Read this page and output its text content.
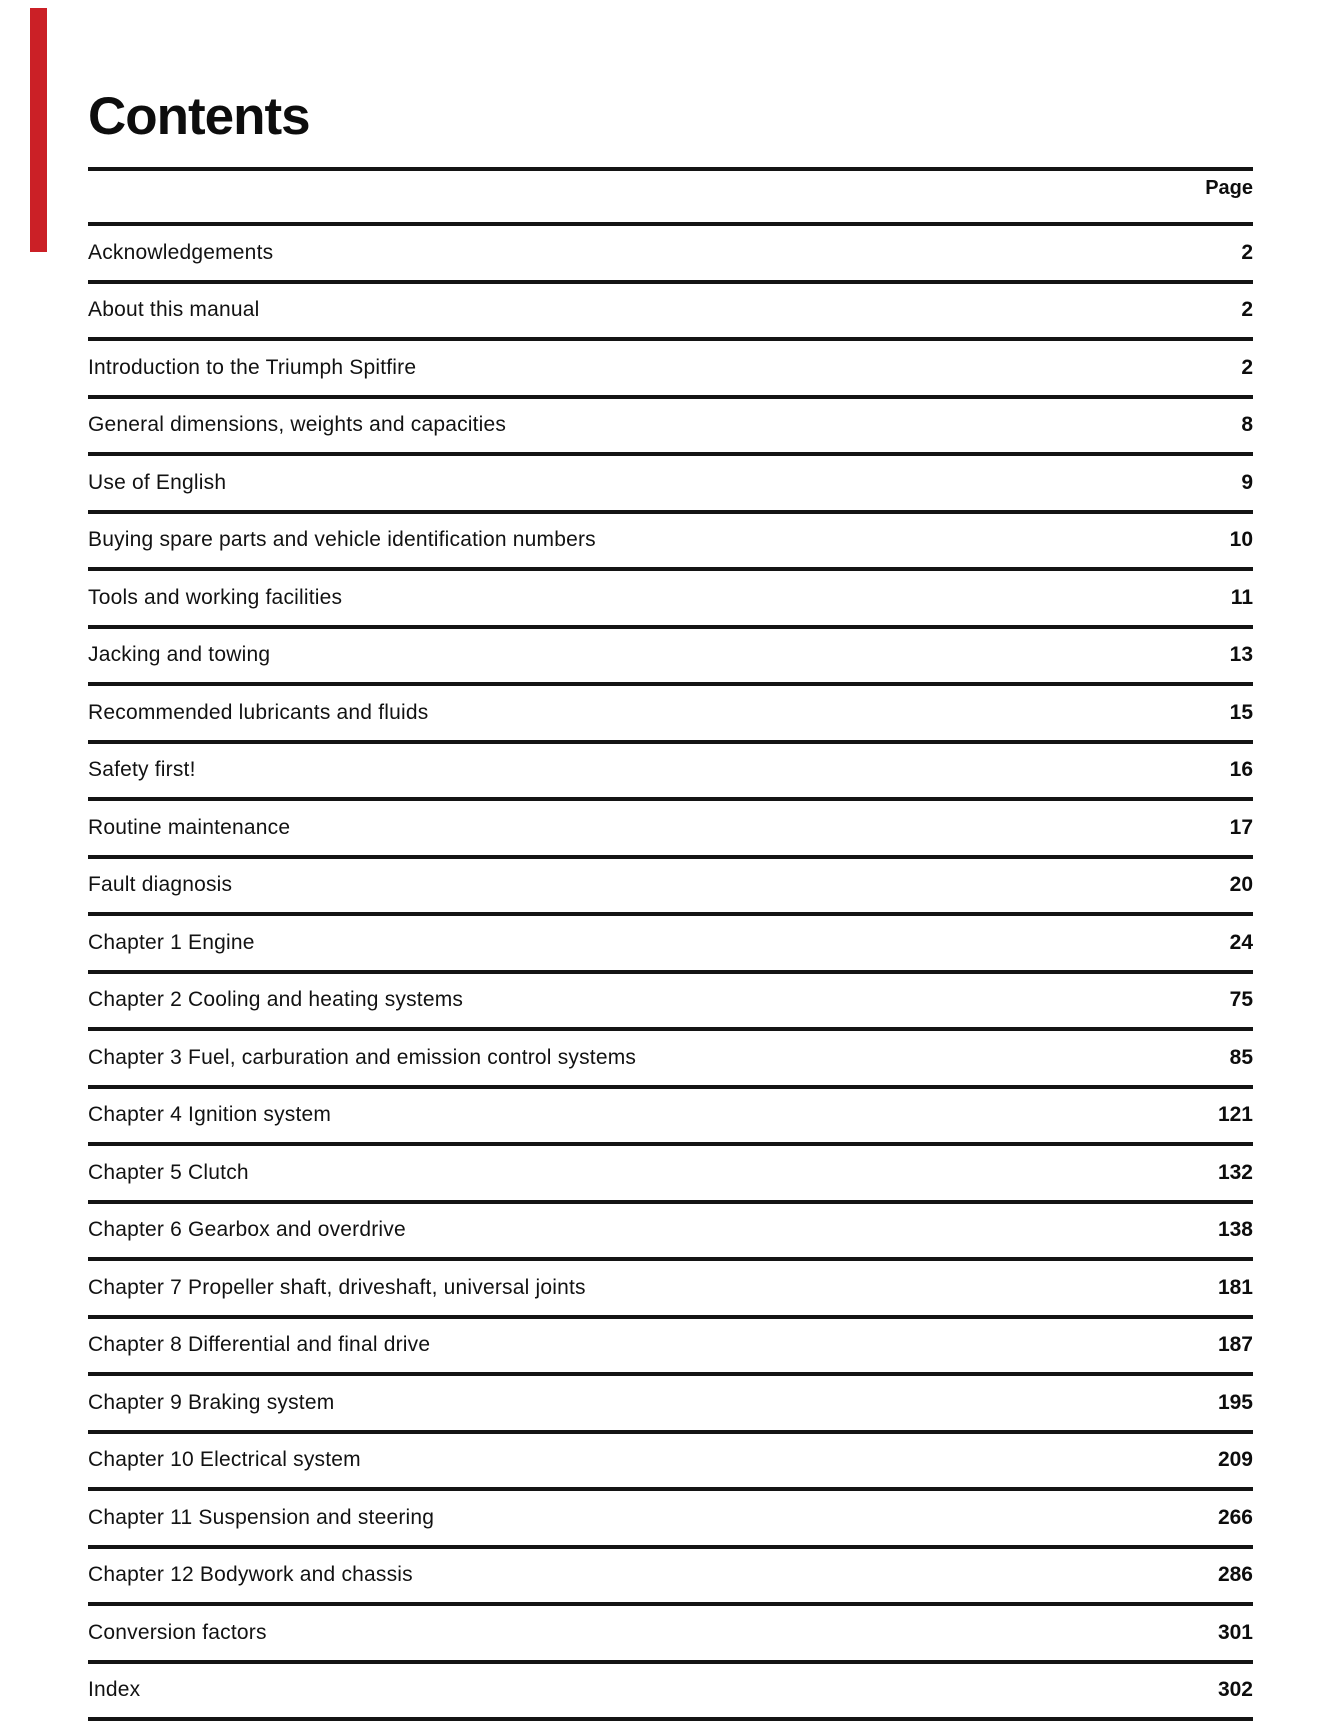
Contents
Page
Acknowledgements	2
About this manual	2
Introduction to the Triumph Spitfire	2
General dimensions, weights and capacities	8
Use of English	9
Buying spare parts and vehicle identification numbers	10
Tools and working facilities	11
Jacking and towing	13
Recommended lubricants and fluids	15
Safety first!	16
Routine maintenance	17
Fault diagnosis	20
Chapter 1 Engine	24
Chapter 2 Cooling and heating systems	75
Chapter 3 Fuel, carburation and emission control systems	85
Chapter 4 Ignition system	121
Chapter 5 Clutch	132
Chapter 6 Gearbox and overdrive	138
Chapter 7 Propeller shaft, driveshaft, universal joints	181
Chapter 8 Differential and final drive	187
Chapter 9 Braking system	195
Chapter 10 Electrical system	209
Chapter 11 Suspension and steering	266
Chapter 12 Bodywork and chassis	286
Conversion factors	301
Index	302
